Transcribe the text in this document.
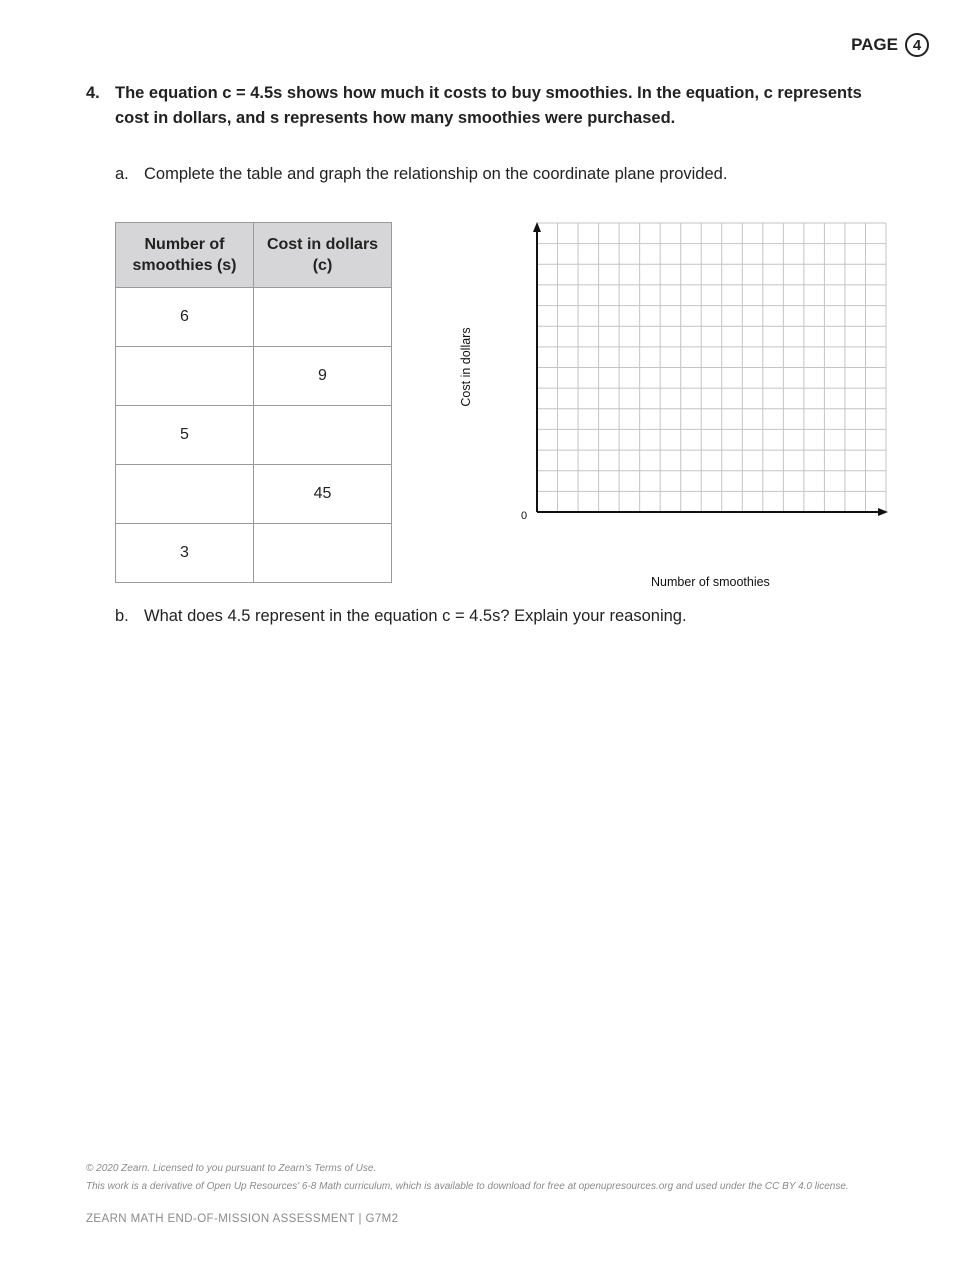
PAGE 4
4. The equation c = 4.5s shows how much it costs to buy smoothies. In the equation, c represents cost in dollars, and s represents how many smoothies were purchased.
a. Complete the table and graph the relationship on the coordinate plane provided.
Number of smoothies (s)	Cost in dollars (c)
6	
	9
5	
	45
3	
Cost in dollars
0
Number of smoothies
b. What does 4.5 represent in the equation c = 4.5s? Explain your reasoning.
© 2020 Zearn. Licensed to you pursuant to Zearn's Terms of Use.
This work is a derivative of Open Up Resources' 6-8 Math curriculum, which is available to download for free at openupresources.org and used under the CC BY 4.0 license.
ZEARN MATH END-OF-MISSION ASSESSMENT | G7M2
